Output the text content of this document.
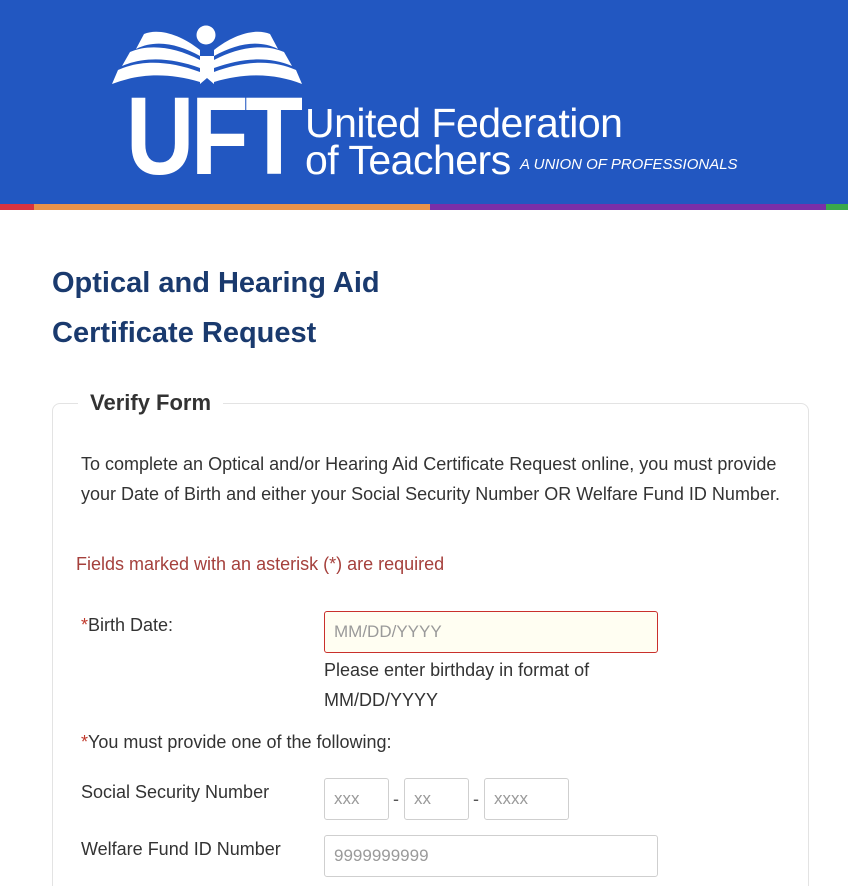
UFT United Federation
of Teachers A UNION OF PROFESSIONALS
Optical and Hearing Aid Certificate Request
Verify Form

To complete an Optical and/or Hearing Aid Certificate Request online, you must provide your Date of Birth and either your Social Security Number OR Welfare Fund ID Number.

Fields marked with an asterisk (*) are required
*Birth Date:
MM/DD/YYYY
Please enter birthday in format of MM/DD/YYYY
*You must provide one of the following:
Social Security Number
xxx	-
xx	-
xxxx
Welfare Fund ID Number
9999999999
